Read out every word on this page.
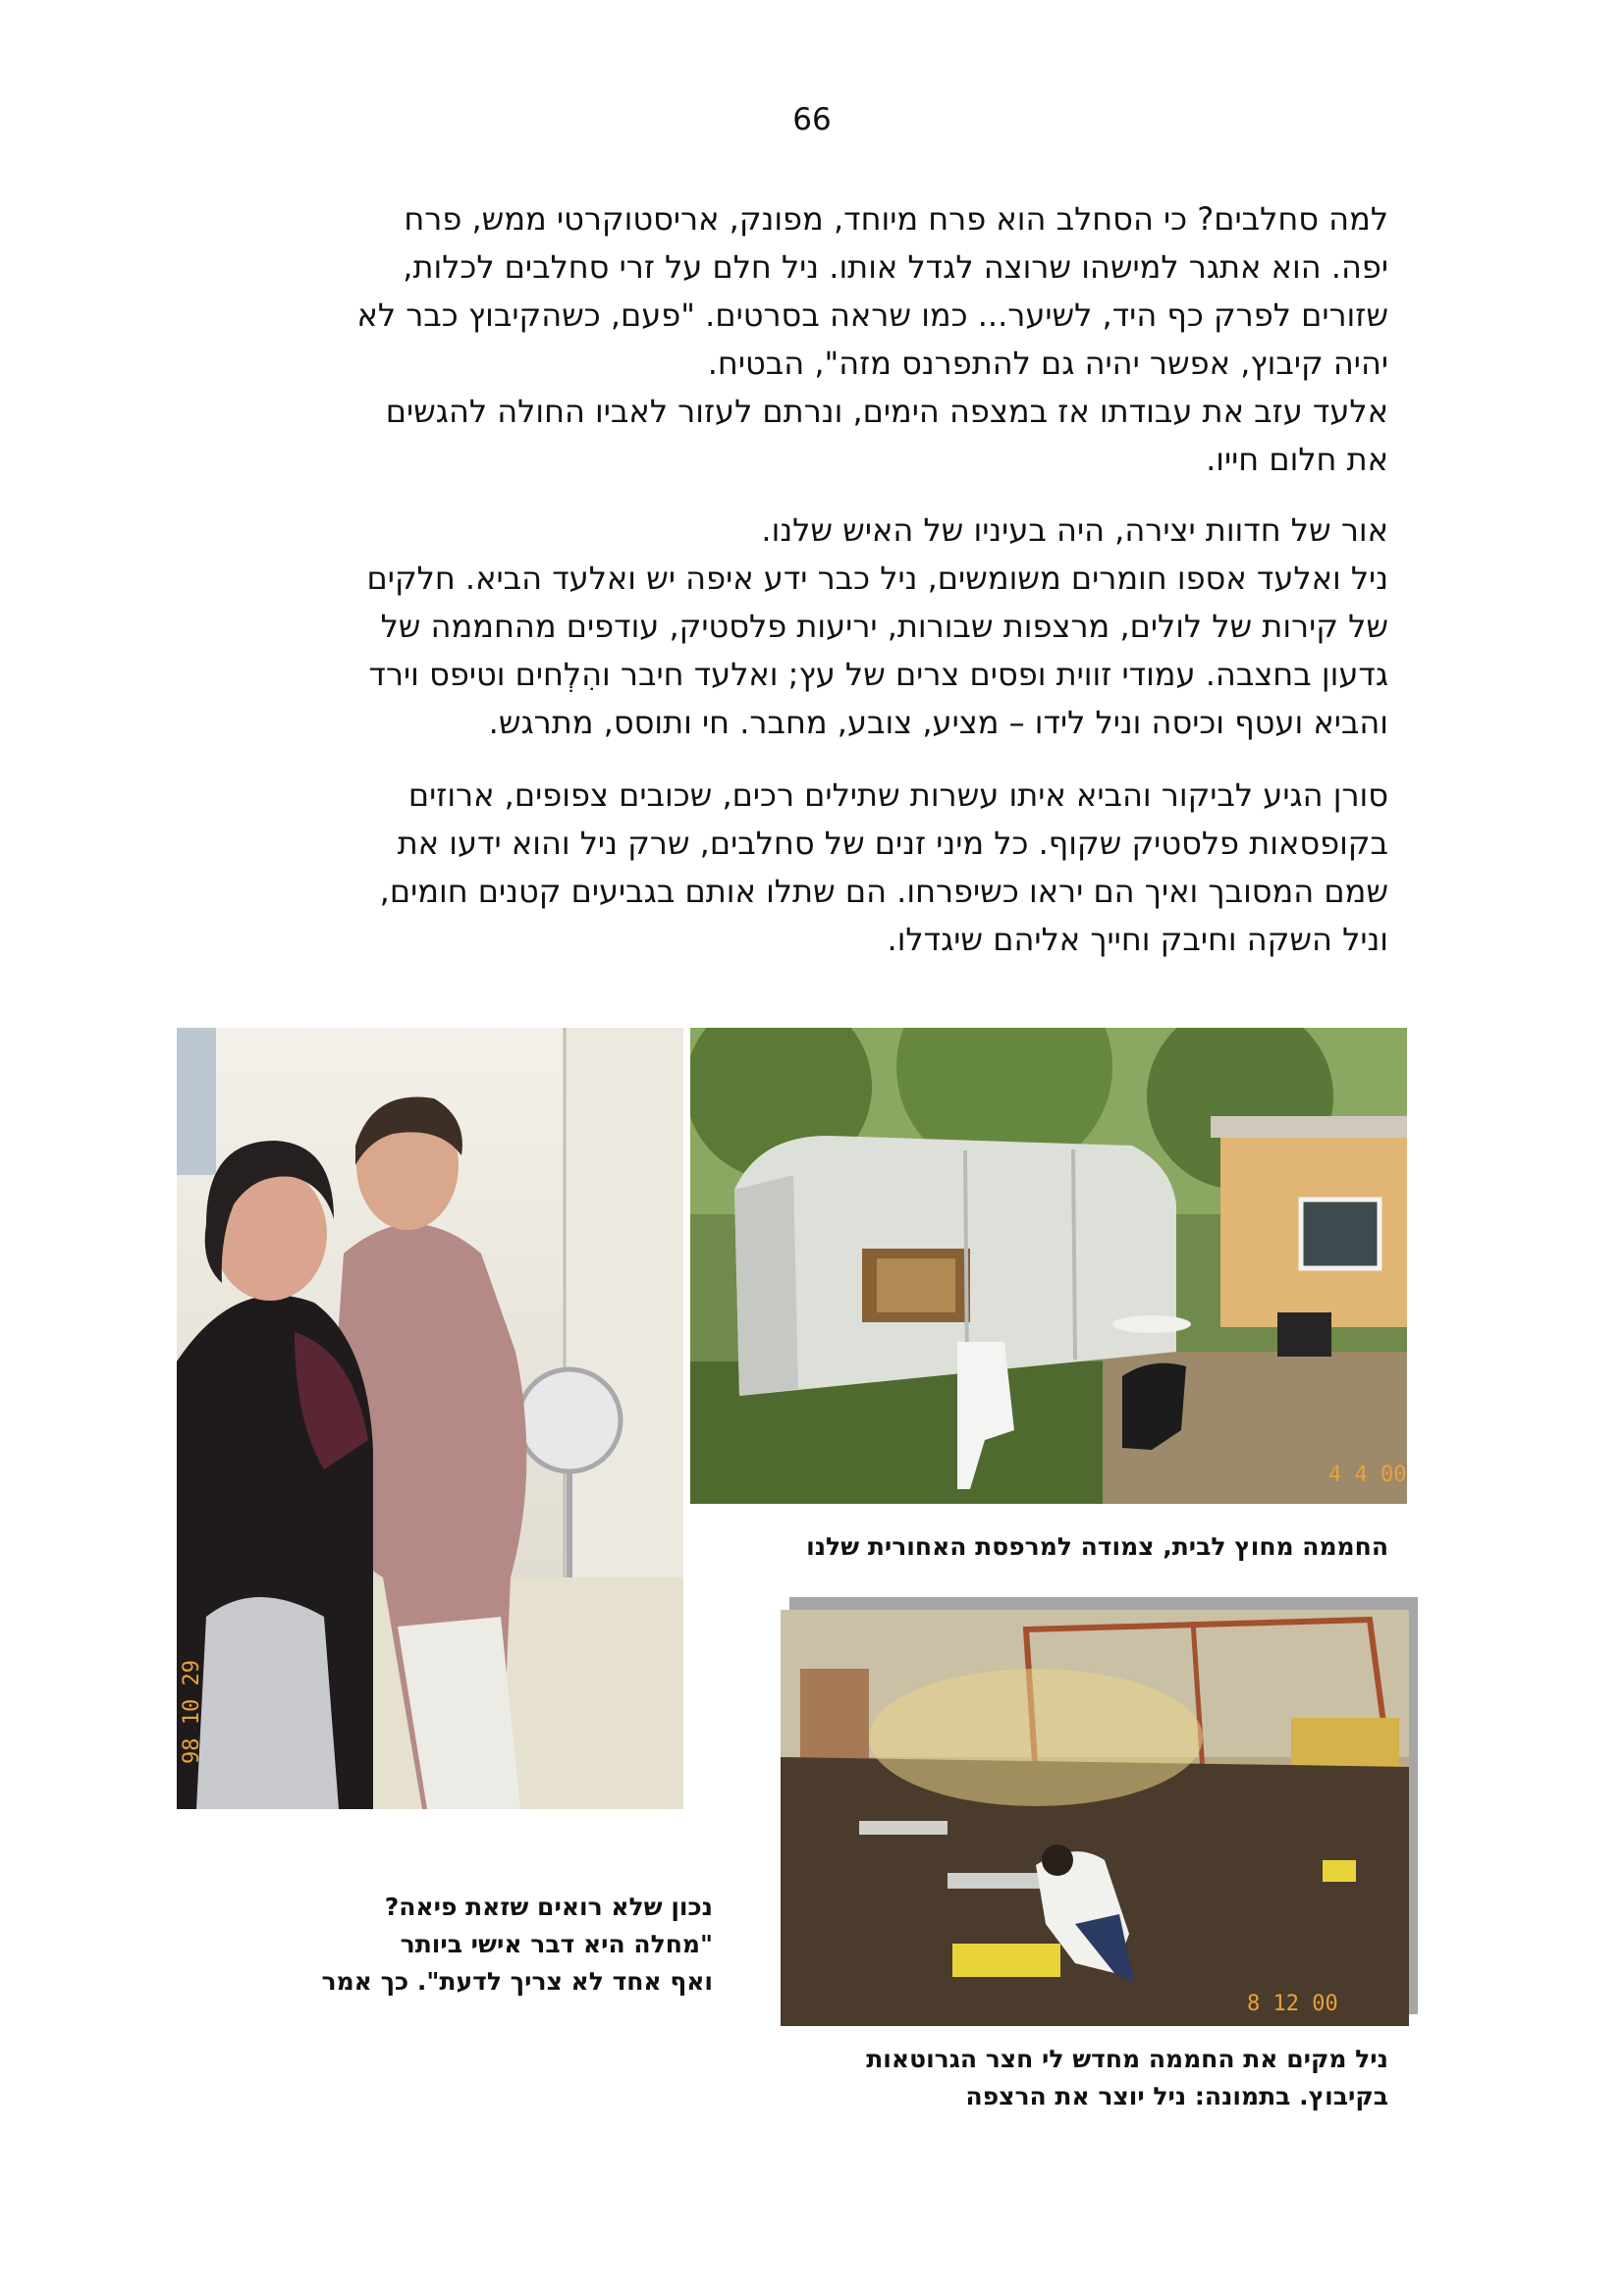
66
למה סחלבים? כי הסחלב הוא פרח מיוחד, מפונק, אריסטוקרטי ממש, פרח
יפה. הוא אתגר למישהו שרוצה לגדל אותו. ניל חלם על זרי סחלבים לכלות,
שזורים לפרק כף היד, לשיער... כמו שראה בסרטים. "פעם, כשהקיבוץ כבר לא
יהיה קיבוץ, אפשר יהיה גם להתפרנס מזה", הבטיח.
אלעד עזב את עבודתו אז במצפה הימים, ונרתם לעזור לאביו החולה להגשים
את חלום חייו.
אור של חדוות יצירה, היה בעיניו של האיש שלנו.
ניל ואלעד אספו חומרים משומשים, ניל כבר ידע איפה יש ואלעד הביא. חלקים
של קירות של לולים, מרצפות שבורות, יריעות פלסטיק, עודפים מהחממה של
גדעון בחצבה. עמודי זווית ופסים צרים של עץ; ואלעד חיבר והִלְחים וטיפס וירד
והביא ועטף וכיסה וניל לידו – מציע, צובע, מחבר. חי ותוסס, מתרגש.
סורן הגיע לביקור והביא איתו עשרות שתילים רכים, שכובים צפופים, ארוזים
בקופסאות פלסטיק שקוף. כל מיני זנים של סחלבים, שרק ניל והוא ידעו את
שמם המסובך ואיך הם יראו כשיפרחו. הם שתלו אותם בגביעים קטנים חומים,
וניל השקה וחיבק וחייך אליהם שיגדלו.
98 10 29
4 4 00
החממה מחוץ לבית, צמודה למרפסת האחורית שלנו
8 12 00
ניל מקים את החממה מחדש לי חצר הגרוטאות
בקיבוץ. בתמונה: ניל יוצר את הרצפה
נכון שלא רואים שזאת פיאה?
"מחלה היא דבר אישי ביותר
ואף אחד לא צריך לדעת". כך אמר
